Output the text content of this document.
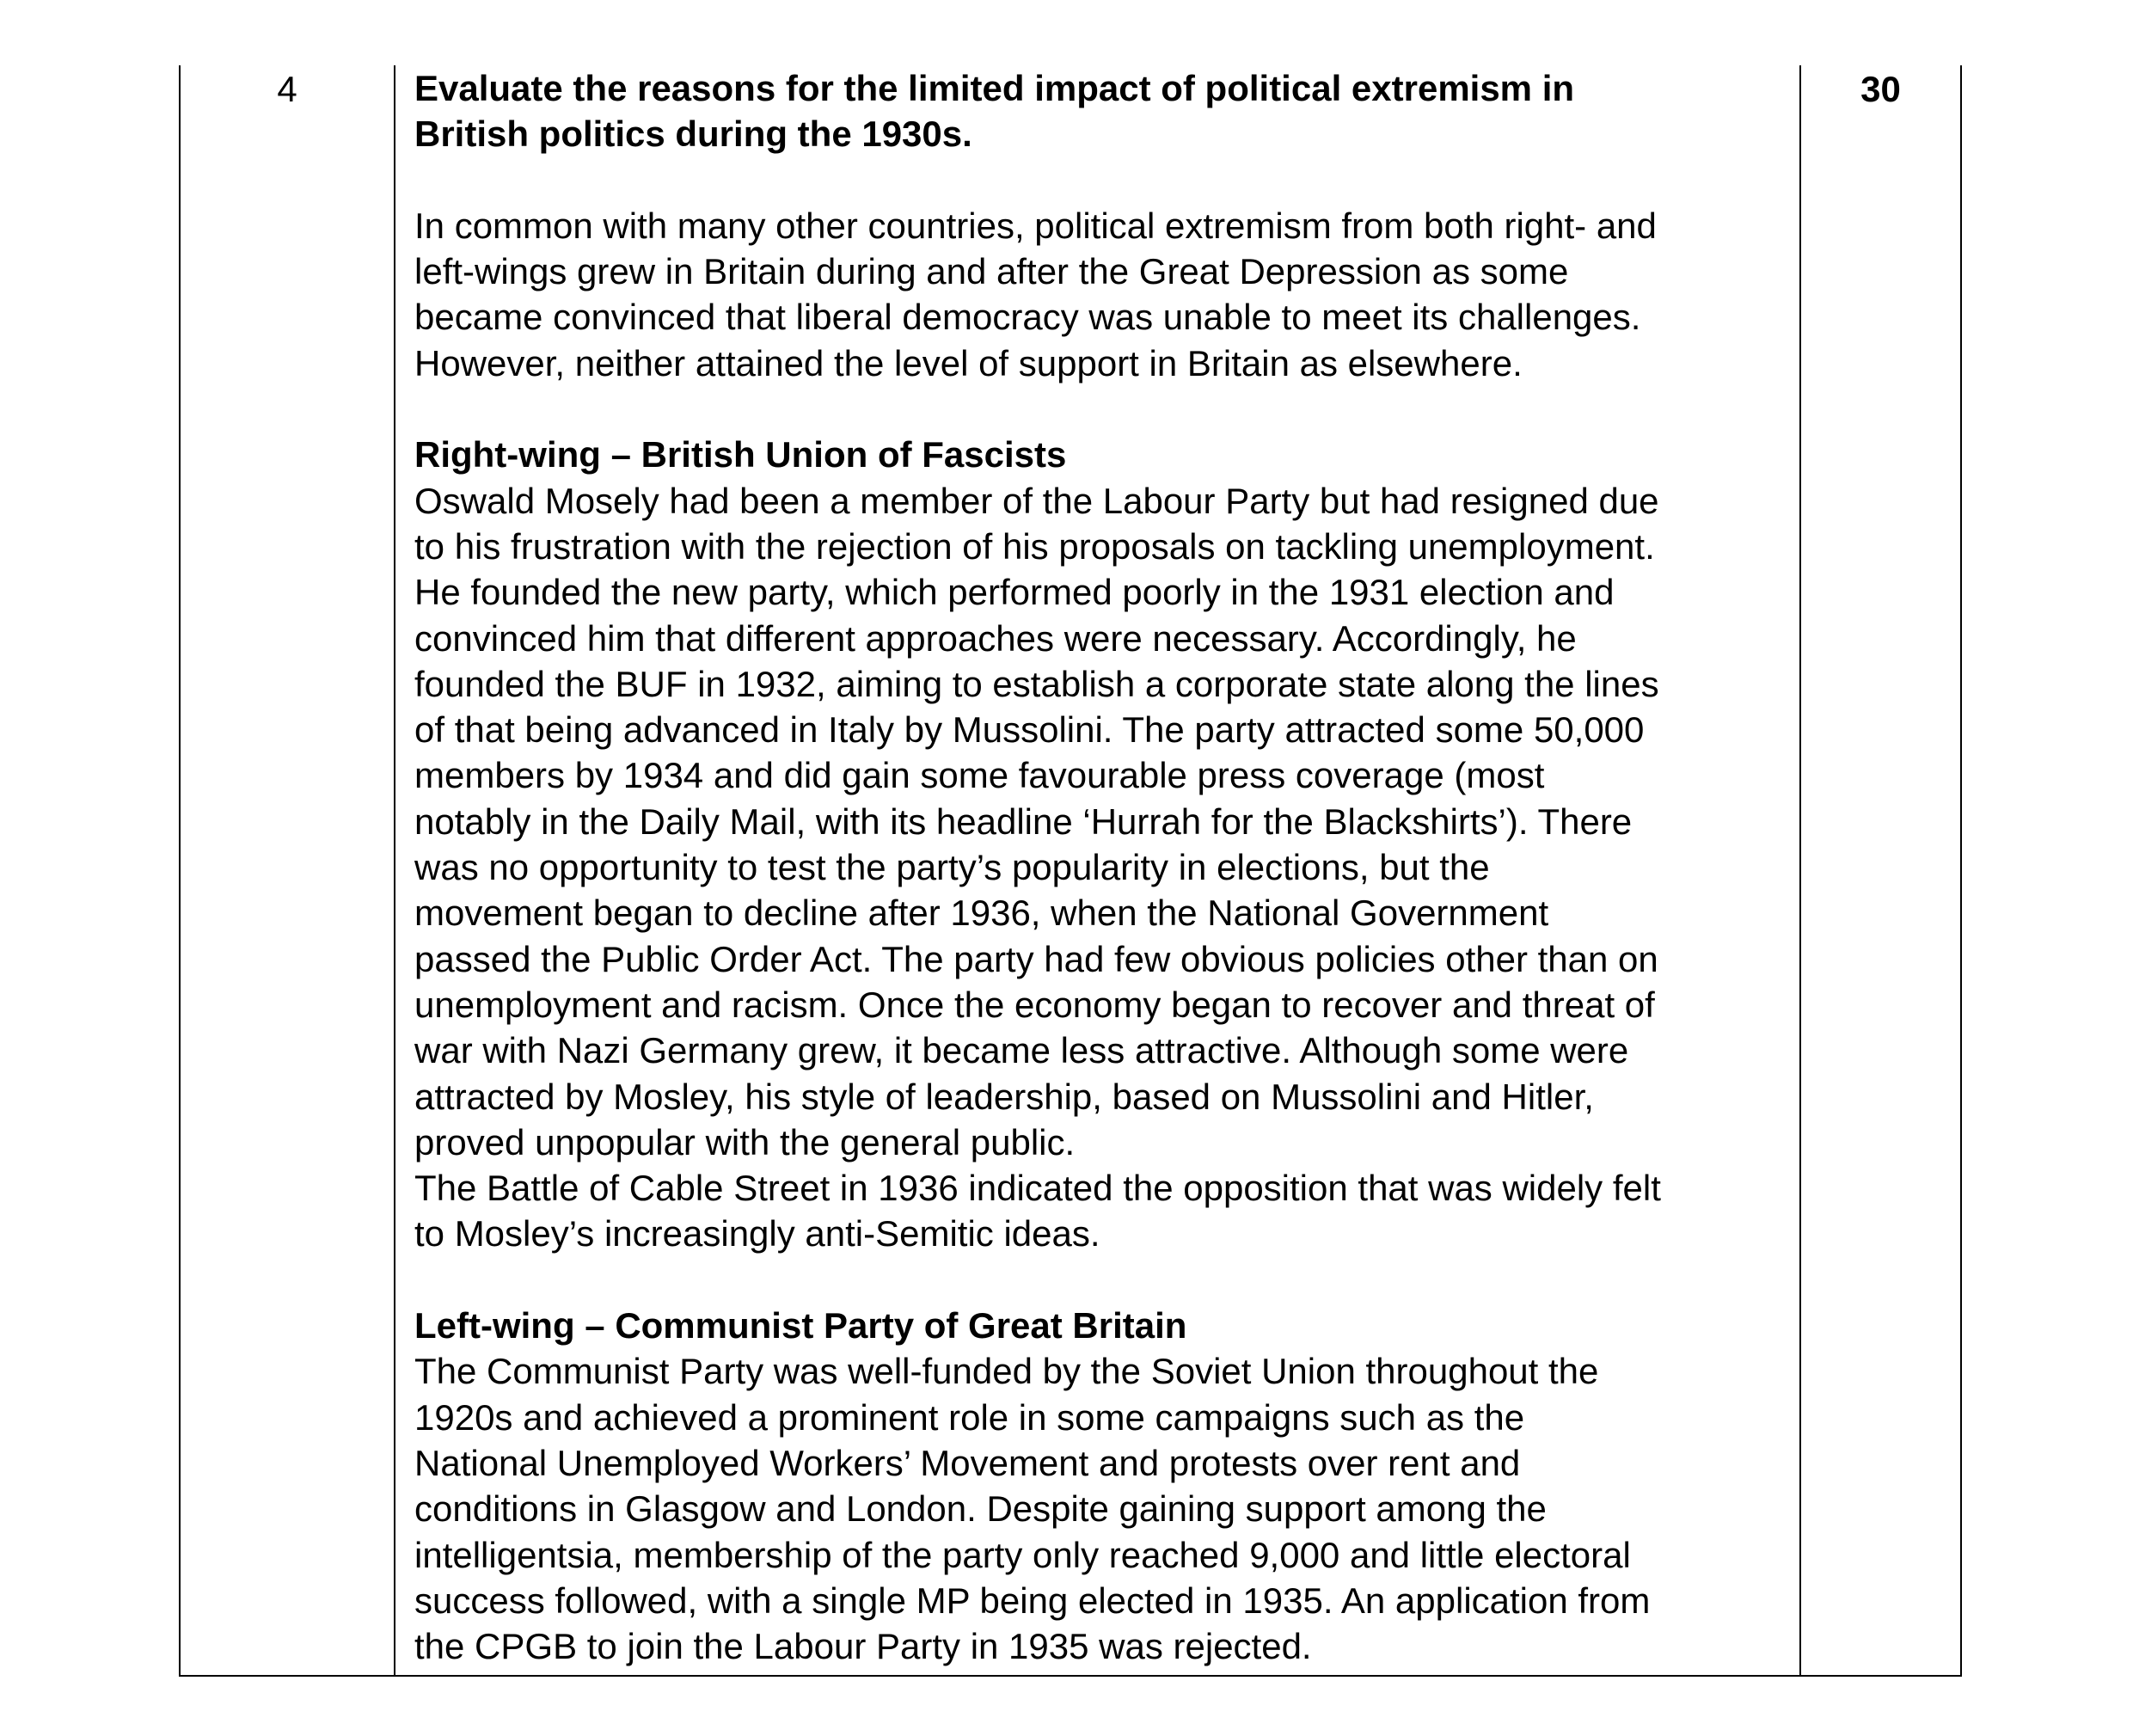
4	30

Evaluate the reasons for the limited impact of political extremism in
British politics during the 1930s.

In common with many other countries, political extremism from both right- and
left-wings grew in Britain during and after the Great Depression as some
became convinced that liberal democracy was unable to meet its challenges.
However, neither attained the level of support in Britain as elsewhere.

Right-wing – British Union of Fascists

Oswald Mosely had been a member of the Labour Party but had resigned due
to his frustration with the rejection of his proposals on tackling unemployment.
He founded the new party, which performed poorly in the 1931 election and
convinced him that different approaches were necessary. Accordingly, he
founded the BUF in 1932, aiming to establish a corporate state along the lines
of that being advanced in Italy by Mussolini. The party attracted some 50,000
members by 1934 and did gain some favourable press coverage (most
notably in the Daily Mail, with its headline ‘Hurrah for the Blackshirts’). There
was no opportunity to test the party’s popularity in elections, but the
movement began to decline after 1936, when the National Government
passed the Public Order Act. The party had few obvious policies other than on
unemployment and racism. Once the economy began to recover and threat of
war with Nazi Germany grew, it became less attractive. Although some were
attracted by Mosley, his style of leadership, based on Mussolini and Hitler,
proved unpopular with the general public.
The Battle of Cable Street in 1936 indicated the opposition that was widely felt
to Mosley’s increasingly anti-Semitic ideas.

Left-wing – Communist Party of Great Britain

The Communist Party was well-funded by the Soviet Union throughout the
1920s and achieved a prominent role in some campaigns such as the
National Unemployed Workers’ Movement and protests over rent and
conditions in Glasgow and London. Despite gaining support among the
intelligentsia, membership of the party only reached 9,000 and little electoral
success followed, with a single MP being elected in 1935. An application from
the CPGB to join the Labour Party in 1935 was rejected.
